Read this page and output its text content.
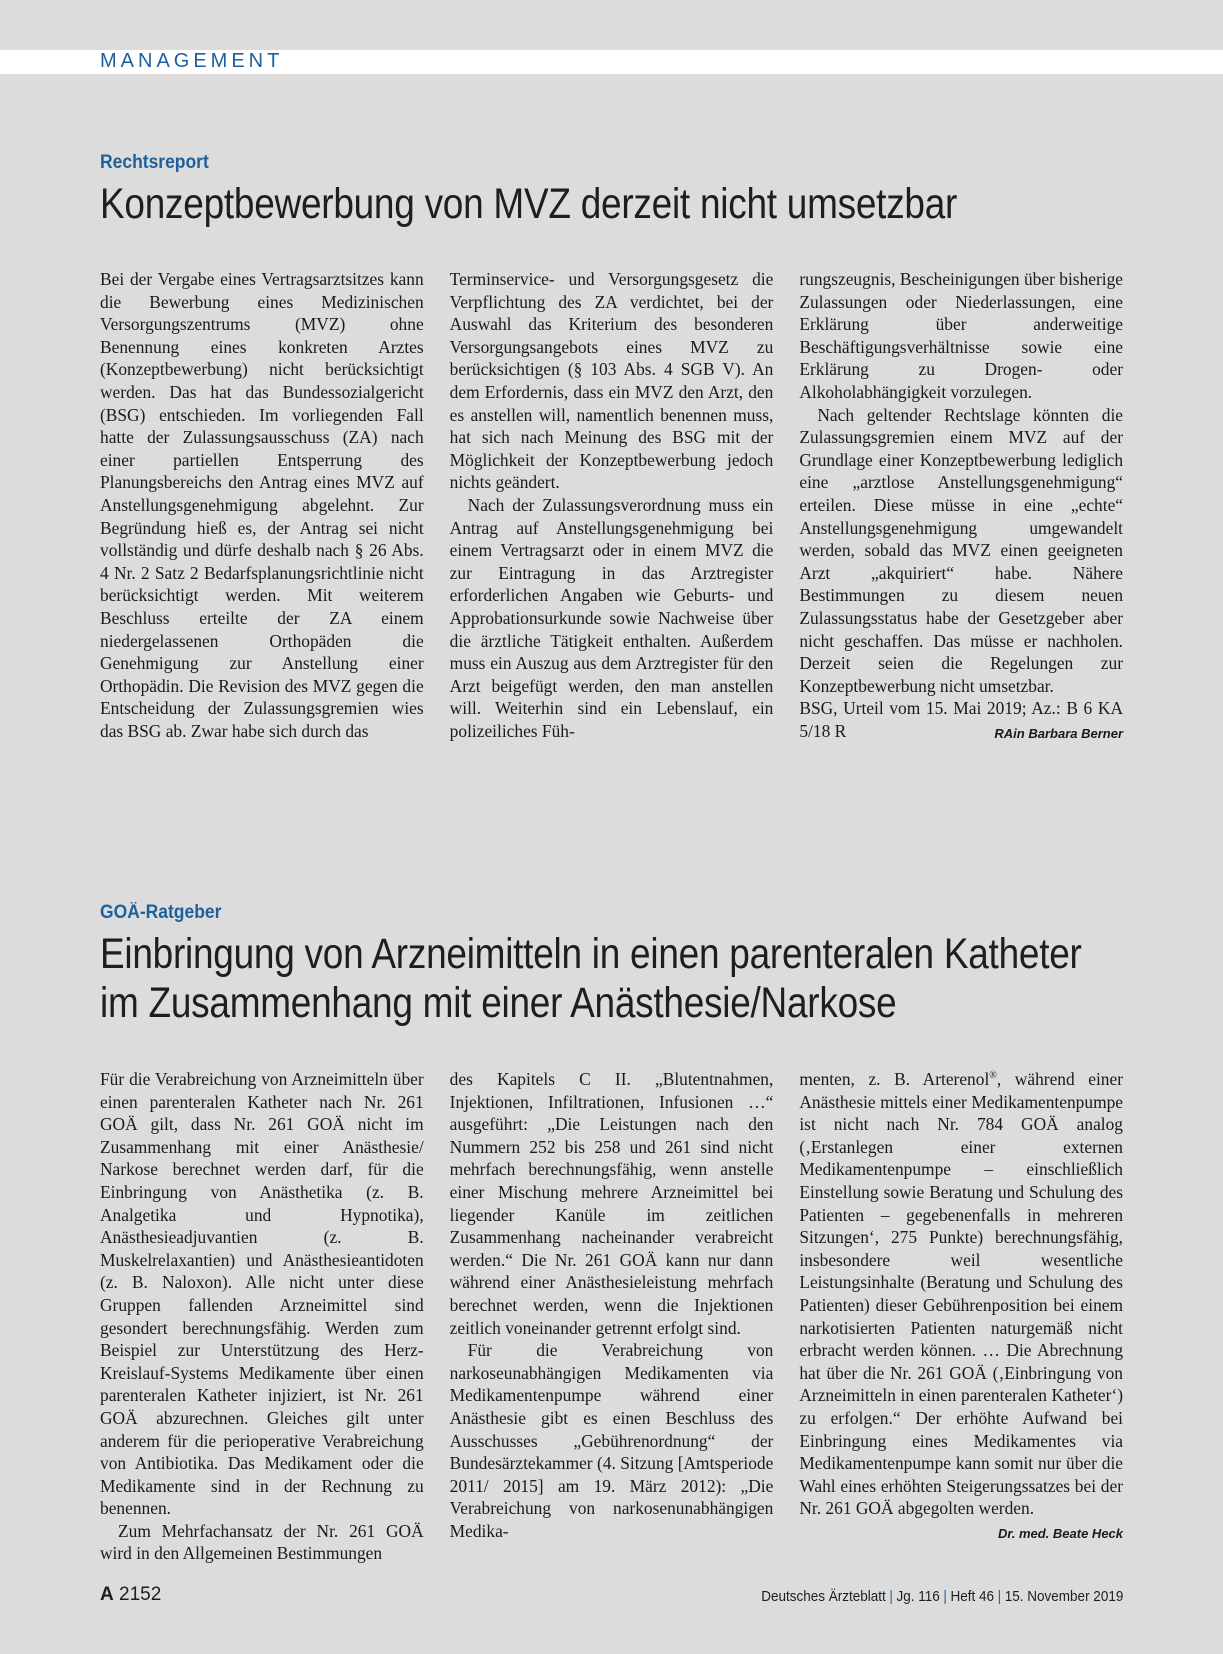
MANAGEMENT
Rechtsreport
Konzeptbewerbung von MVZ derzeit nicht umsetzbar

Bei der Vergabe eines Vertragsarztsitzes kann die Bewerbung eines Medizinischen Versorgungszentrums (MVZ) ohne Benennung eines konkreten Arztes (Konzeptbewerbung) nicht berücksichtigt werden. Das hat das Bundessozialgericht (BSG) entschieden. Im vorliegenden Fall hatte der Zulassungsausschuss (ZA) nach einer partiellen Entsperrung des Planungsbereichs den Antrag eines MVZ auf Anstellungsgenehmigung abgelehnt. Zur Begründung hieß es, der Antrag sei nicht vollständig und dürfe deshalb nach § 26 Abs. 4 Nr. 2 Satz 2 Bedarfsplanungsrichtlinie nicht berücksichtigt werden. Mit weiterem Beschluss erteilte der ZA einem niedergelassenen Orthopäden die Genehmigung zur Anstellung einer Orthopädin. Die Revision des MVZ gegen die Entscheidung der Zulassungsgremien wies das BSG ab. Zwar habe sich durch das

Terminservice- und Versorgungsgesetz die Verpflichtung des ZA verdichtet, bei der Auswahl das Kriterium des besonderen Versorgungsangebots eines MVZ zu berücksichtigen (§ 103 Abs. 4 SGB V). An dem Erfordernis, dass ein MVZ den Arzt, den es anstellen will, namentlich benennen muss, hat sich nach Meinung des BSG mit der Möglichkeit der Konzeptbewerbung jedoch nichts geändert.

Nach der Zulassungsverordnung muss ein Antrag auf Anstellungsgenehmigung bei einem Vertragsarzt oder in einem MVZ die zur Eintragung in das Arztregister erforderlichen Angaben wie Geburts- und Approbationsurkunde sowie Nachweise über die ärztliche Tätigkeit enthalten. Außerdem muss ein Auszug aus dem Arztregister für den Arzt beigefügt werden, den man anstellen will. Weiterhin sind ein Lebenslauf, ein polizeiliches Füh-

rungszeugnis, Bescheinigungen über bisherige Zulassungen oder Niederlassungen, eine Erklärung über anderweitige Beschäftigungsverhältnisse sowie eine Erklärung zu Drogen- oder Alkoholabhängigkeit vorzulegen.

Nach geltender Rechtslage könnten die Zulassungsgremien einem MVZ auf der Grundlage einer Konzeptbewerbung lediglich eine „arztlose Anstellungsgenehmigung“ erteilen. Diese müsse in eine „echte“ Anstellungsgenehmigung umgewandelt werden, sobald das MVZ einen geeigneten Arzt „akquiriert“ habe. Nähere Bestimmungen zu diesem neuen Zulassungsstatus habe der Gesetzgeber aber nicht geschaffen. Das müsse er nachholen. Derzeit seien die Regelungen zur Konzeptbewerbung nicht umsetzbar.

BSG, Urteil vom 15. Mai 2019; Az.: B 6 KA 5/18 R	RAin Barbara Berner

GOÄ-Ratgeber
Einbringung von Arzneimitteln in einen parenteralen Katheter
im Zusammenhang mit einer Anästhesie/Narkose

Für die Verabreichung von Arzneimitteln über einen parenteralen Katheter nach Nr. 261 GOÄ gilt, dass Nr. 261 GOÄ nicht im Zusammenhang mit einer Anästhesie/ Narkose berechnet werden darf, für die Einbringung von Anästhetika (z. B. Analgetika und Hypnotika), Anästhesieadjuvantien (z. B. Muskelrelaxantien) und Anästhesieantidoten (z. B. Naloxon). Alle nicht unter diese Gruppen fallenden Arzneimittel sind gesondert berechnungsfähig. Werden zum Beispiel zur Unterstützung des Herz-Kreislauf-Systems Medikamente über einen parenteralen Katheter injiziert, ist Nr. 261 GOÄ abzurechnen. Gleiches gilt unter anderem für die perioperative Verabreichung von Antibiotika. Das Medikament oder die Medikamente sind in der Rechnung zu benennen.

Zum Mehrfachansatz der Nr. 261 GOÄ wird in den Allgemeinen Bestimmungen

des Kapitels C II. „Blutentnahmen, Injektionen, Infiltrationen, Infusionen …“ ausgeführt: „Die Leistungen nach den Nummern 252 bis 258 und 261 sind nicht mehrfach berechnungsfähig, wenn anstelle einer Mischung mehrere Arzneimittel bei liegender Kanüle im zeitlichen Zusammenhang nacheinander verabreicht werden.“ Die Nr. 261 GOÄ kann nur dann während einer Anästhesieleistung mehrfach berechnet werden, wenn die Injektionen zeitlich voneinander getrennt erfolgt sind.

Für die Verabreichung von narkoseunabhängigen Medikamenten via Medikamentenpumpe während einer Anästhesie gibt es einen Beschluss des Ausschusses „Gebührenordnung“ der Bundesärztekammer (4. Sitzung [Amtsperiode 2011/ 2015] am 19. März 2012): „Die Verabreichung von narkosenunabhängigen Medika-

menten, z. B. Arterenol®, während einer Anästhesie mittels einer Medikamentenpumpe ist nicht nach Nr. 784 GOÄ analog (‚Erstanlegen einer externen Medikamentenpumpe – einschließlich Einstellung sowie Beratung und Schulung des Patienten – gegebenenfalls in mehreren Sitzungen‘, 275 Punkte) berechnungsfähig, insbesondere weil wesentliche Leistungsinhalte (Beratung und Schulung des Patienten) dieser Gebührenposition bei einem narkotisierten Patienten naturgemäß nicht erbracht werden können. … Die Abrechnung hat über die Nr. 261 GOÄ (‚Einbringung von Arzneimitteln in einen parenteralen Katheter‘) zu erfolgen.“ Der erhöhte Aufwand bei Einbringung eines Medikamentes via Medikamentenpumpe kann somit nur über die Wahl eines erhöhten Steigerungssatzes bei der Nr. 261 GOÄ abgegolten werden.
Dr. med. Beate Heck

A 2152	Deutsches Ärzteblatt | Jg. 116 | Heft 46 | 15. November 2019
